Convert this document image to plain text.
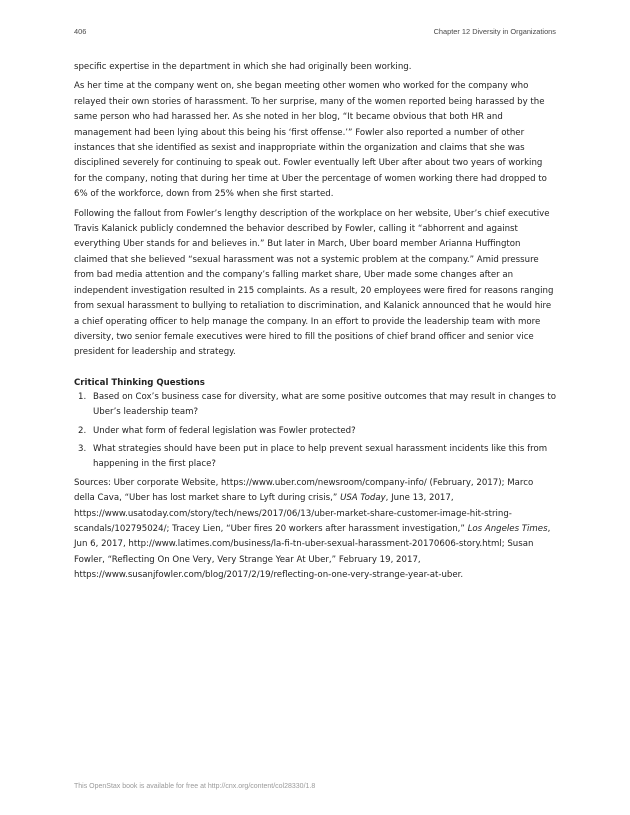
406	Chapter 12 Diversity in Organizations

specific expertise in the department in which she had originally been working.

As her time at the company went on, she began meeting other women who worked for the company who relayed their own stories of harassment. To her surprise, many of the women reported being harassed by the same person who had harassed her. As she noted in her blog, “It became obvious that both HR and management had been lying about this being his ‘first offense.’” Fowler also reported a number of other instances that she identified as sexist and inappropriate within the organization and claims that she was disciplined severely for continuing to speak out. Fowler eventually left Uber after about two years of working for the company, noting that during her time at Uber the percentage of women working there had dropped to 6% of the workforce, down from 25% when she first started.

Following the fallout from Fowler’s lengthy description of the workplace on her website, Uber’s chief executive Travis Kalanick publicly condemned the behavior described by Fowler, calling it “abhorrent and against everything Uber stands for and believes in.” But later in March, Uber board member Arianna Huffington claimed that she believed “sexual harassment was not a systemic problem at the company.” Amid pressure from bad media attention and the company’s falling market share, Uber made some changes after an independent investigation resulted in 215 complaints. As a result, 20 employees were fired for reasons ranging from sexual harassment to bullying to retaliation to discrimination, and Kalanick announced that he would hire a chief operating officer to help manage the company. In an effort to provide the leadership team with more diversity, two senior female executives were hired to fill the positions of chief brand officer and senior vice president for leadership and strategy.

Critical Thinking Questions
1. Based on Cox’s business case for diversity, what are some positive outcomes that may result in changes to Uber’s leadership team?
2. Under what form of federal legislation was Fowler protected?
3. What strategies should have been put in place to help prevent sexual harassment incidents like this from happening in the first place?

Sources: Uber corporate Website, https://www.uber.com/newsroom/company-info/ (February, 2017); Marco della Cava, “Uber has lost market share to Lyft during crisis,” USA Today, June 13, 2017, https://www.usatoday.com/story/tech/news/2017/06/13/uber-market-share-customer-image-hit-string-scandals/102795024/; Tracey Lien, “Uber fires 20 workers after harassment investigation,” Los Angeles Times, Jun 6, 2017, http://www.latimes.com/business/la-fi-tn-uber-sexual-harassment-20170606-story.html; Susan Fowler, “Reflecting On One Very, Very Strange Year At Uber,” February 19, 2017, https://www.susanjfowler.com/blog/2017/2/19/reflecting-on-one-very-strange-year-at-uber.

This OpenStax book is available for free at http://cnx.org/content/col28330/1.8
